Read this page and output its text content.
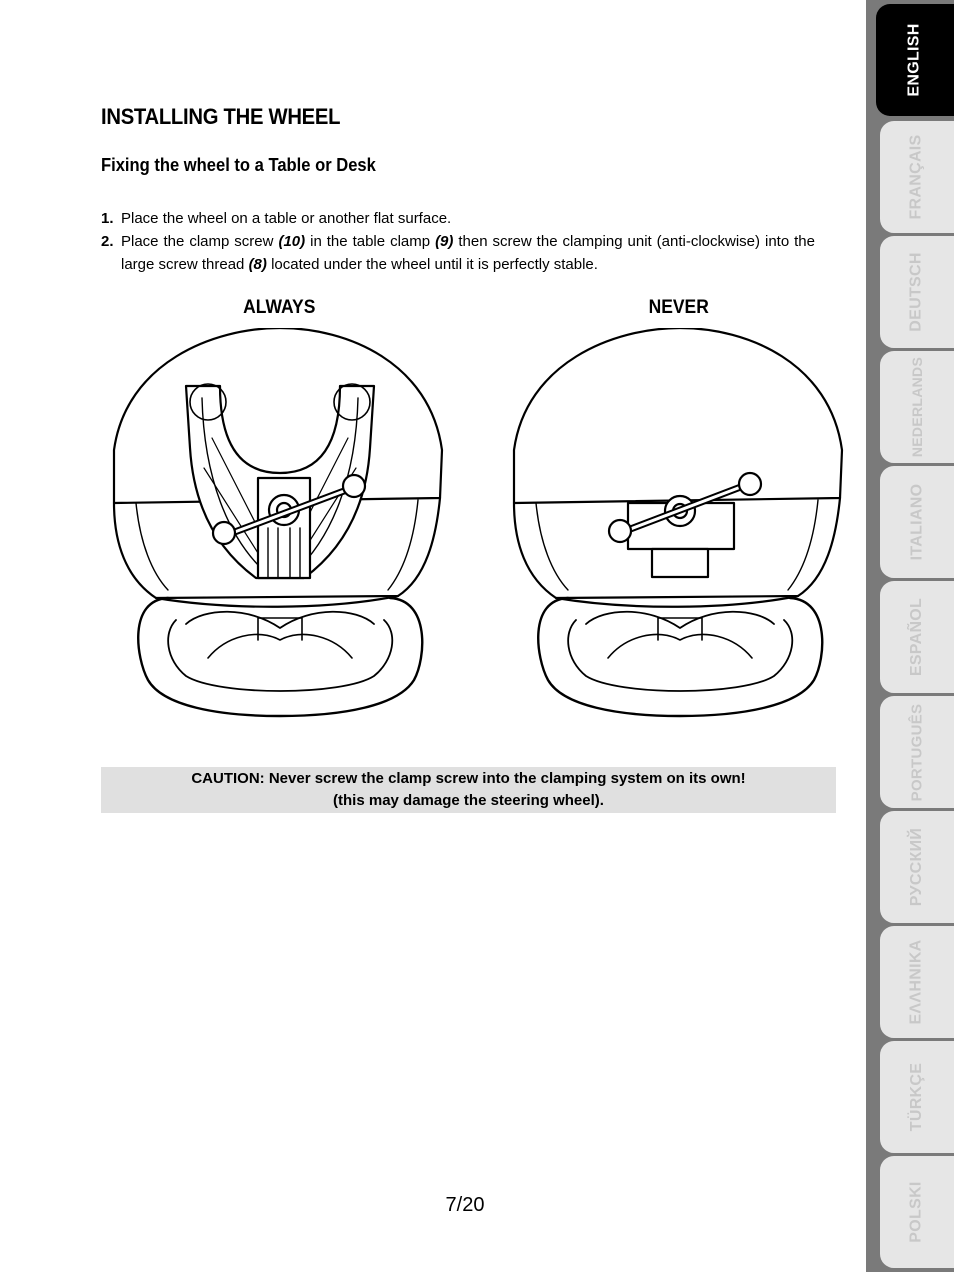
INSTALLING THE WHEEL
Fixing the wheel to a Table or Desk
1. Place the wheel on a table or another flat surface.
2. Place the clamp screw (10) in the table clamp (9) then screw the clamping unit (anti-clockwise) into the large screw thread (8) located under the wheel until it is perfectly stable.
ALWAYS	NEVER
CAUTION: Never screw the clamp screw into the clamping system on its own!
(this may damage the steering wheel).
7/20
ENGLISH
FRANÇAIS
DEUTSCH
NEDERLANDS
ITALIANO
ESPAÑOL
PORTUGUÊS
РУССКИЙ
ΕΛΛΗΝΙΚΑ
TÜRKÇE
POLSKI
